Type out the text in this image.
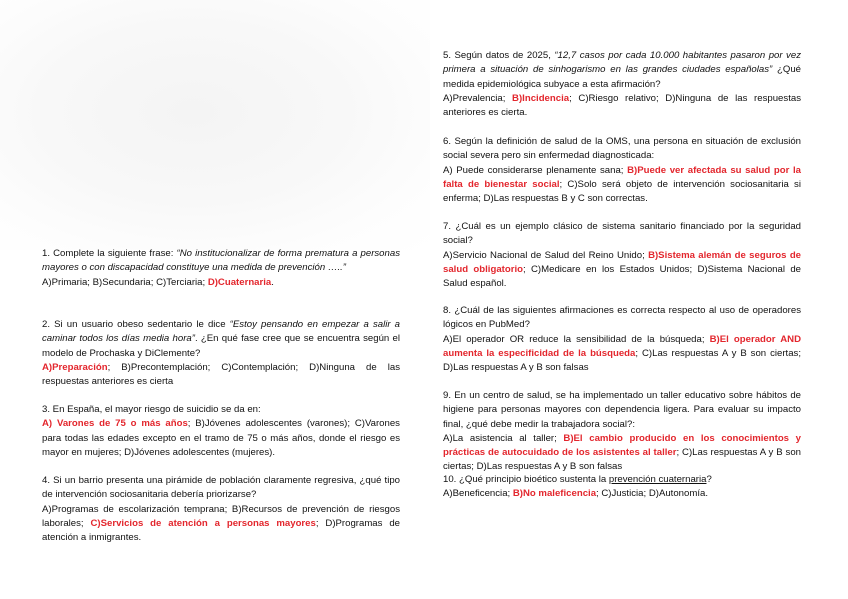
1. Complete la siguiente frase: “No institucionalizar de forma prematura a personas mayores o con discapacidad constituye una medida de prevención …..”
A)Primaria; B)Secundaria; C)Terciaria; D)Cuaternaria.

2. Si un usuario obeso sedentario le dice “Estoy pensando en empezar a salir a caminar todos los días media hora”. ¿En qué fase cree que se encuentra según el modelo de Prochaska y DiClemente?
A)Preparación; B)Precontemplación; C)Contemplación; D)Ninguna de las respuestas anteriores es cierta

3. En España, el mayor riesgo de suicidio se da en:
A) Varones de 75 o más años; B)Jóvenes adolescentes (varones); C)Varones para todas las edades excepto en el tramo de 75 o más años, donde el riesgo es mayor en mujeres; D)Jóvenes adolescentes (mujeres).

4. Si un barrio presenta una pirámide de población claramente regresiva, ¿qué tipo de intervención sociosanitaria debería priorizarse?
A)Programas de escolarización temprana; B)Recursos de prevención de riesgos laborales; C)Servicios de atención a personas mayores; D)Programas de atención a inmigrantes.

5. Según datos de 2025, “12,7 casos por cada 10.000 habitantes pasaron por vez primera a situación de sinhogarismo en las grandes ciudades españolas” ¿Qué medida epidemiológica subyace a esta afirmación?
A)Prevalencia; B)Incidencia; C)Riesgo relativo; D)Ninguna de las respuestas anteriores es cierta.

6. Según la definición de salud de la OMS, una persona en situación de exclusión social severa pero sin enfermedad diagnosticada:
A) Puede considerarse plenamente sana; B)Puede ver afectada su salud por la falta de bienestar social; C)Solo será objeto de intervención sociosanitaria si enferma; D)Las respuestas B y C son correctas.

7. ¿Cuál es un ejemplo clásico de sistema sanitario financiado por la seguridad social?
A)Servicio Nacional de Salud del Reino Unido; B)Sistema alemán de seguros de salud obligatorio; C)Medicare en los Estados Unidos; D)Sistema Nacional de Salud español.

8. ¿Cuál de las siguientes afirmaciones es correcta respecto al uso de operadores lógicos en PubMed?
A)El operador OR reduce la sensibilidad de la búsqueda; B)El operador AND aumenta la especificidad de la búsqueda; C)Las respuestas A y B son ciertas; D)Las respuestas A y B son falsas

9. En un centro de salud, se ha implementado un taller educativo sobre hábitos de higiene para personas mayores con dependencia ligera. Para evaluar su impacto final, ¿qué debe medir la trabajadora social?:
A)La asistencia al taller; B)El cambio producido en los conocimientos y prácticas de autocuidado de los asistentes al taller; C)Las respuestas A y B son ciertas; D)Las respuestas A y B son falsas

10. ¿Qué principio bioético sustenta la prevención cuaternaria?
A)Beneficencia; B)No maleficencia; C)Justicia; D)Autonomía.
